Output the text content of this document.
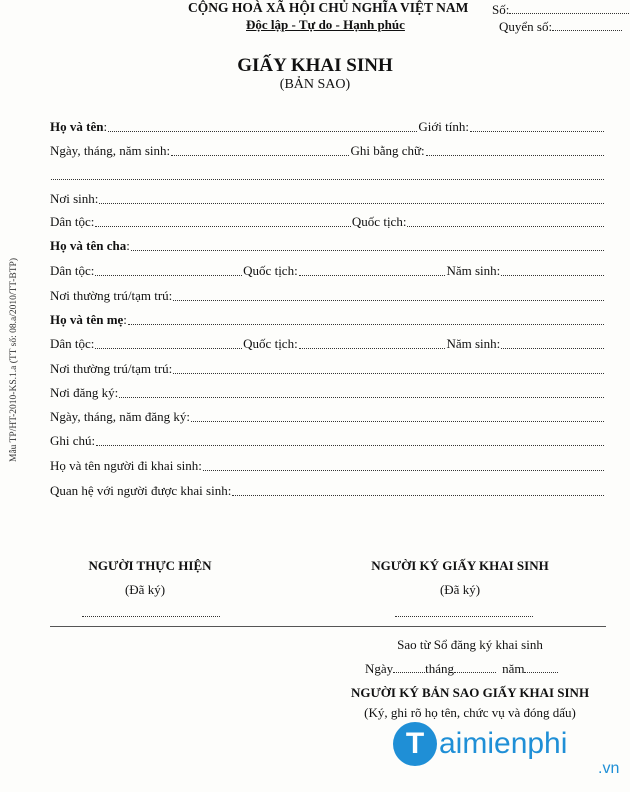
CỘNG HOÀ XÃ HỘI CHỦ NGHĨA VIỆT NAM
Độc lập - Tự do - Hạnh phúc
Số:
Quyển số:
GIẤY KHAI SINH
(BẢN SAO)
Mẫu TP/HT-2010-KS.1.a (TT số: 08.a/2010/TT-BTP)
Họ và tên :	Giới tính:
Ngày, tháng, năm sinh:	Ghi bằng chữ:
Nơi sinh:
Dân tộc:	Quốc tịch:
Họ và tên cha :
Dân tộc:	Quốc tịch:	Năm sinh:
Nơi thường trú/tạm trú:
Họ và tên mẹ :
Dân tộc:	Quốc tịch:	Năm sinh:
Nơi thường trú/tạm trú:
Nơi đăng ký:
Ngày, tháng, năm đăng ký:
Ghi chú:
Họ và tên người đi khai sinh:
Quan hệ với người được khai sinh:
NGƯỜI THỰC HIỆN
(Đã ký)
NGƯỜI KÝ GIẤY KHAI SINH
(Đã ký)
Sao từ Sổ đăng ký khai sinh
Ngày tháng	năm
NGƯỜI KÝ BẢN SAO GIẤY KHAI SINH
(Ký, ghi rõ họ tên, chức vụ và đóng dấu)
T aimienphi
.vn
